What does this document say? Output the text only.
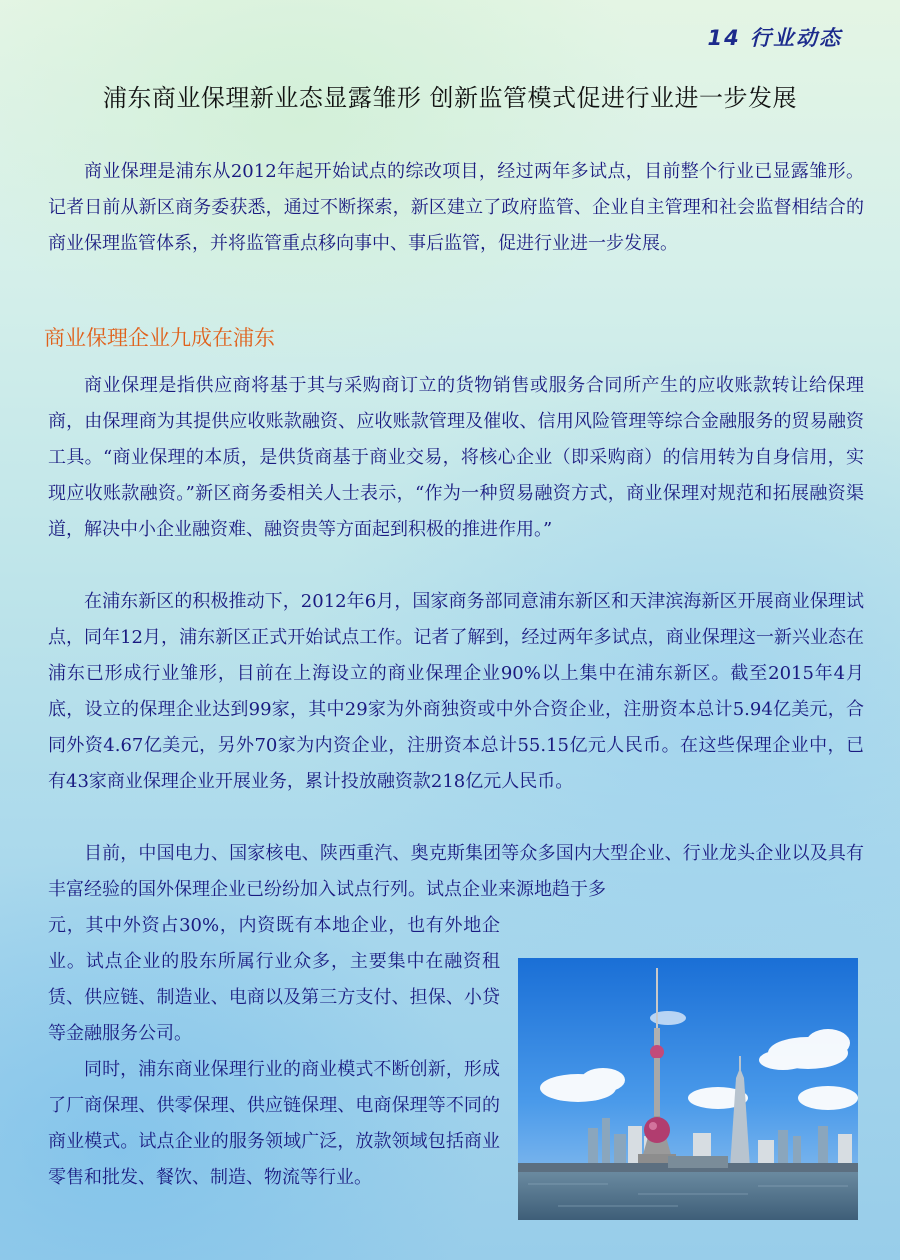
14 行业动态
浦东商业保理新业态显露雏形 创新监管模式促进行业进一步发展

商业保理是浦东从2012年起开始试点的综改项目，经过两年多试点，目前整个行业已显露雏形。记者日前从新区商务委获悉，通过不断探索，新区建立了政府监管、企业自主管理和社会监督相结合的商业保理监管体系，并将监管重点移向事中、事后监管，促进行业进一步发展。

商业保理企业九成在浦东

商业保理是指供应商将基于其与采购商订立的货物销售或服务合同所产生的应收账款转让给保理商，由保理商为其提供应收账款融资、应收账款管理及催收、信用风险管理等综合金融服务的贸易融资工具。“商业保理的本质，是供货商基于商业交易，将核心企业（即采购商）的信用转为自身信用，实现应收账款融资。”新区商务委相关人士表示，“作为一种贸易融资方式，商业保理对规范和拓展融资渠道，解决中小企业融资难、融资贵等方面起到积极的推进作用。”

在浦东新区的积极推动下，2012年6月，国家商务部同意浦东新区和天津滨海新区开展商业保理试点，同年12月，浦东新区正式开始试点工作。记者了解到，经过两年多试点，商业保理这一新兴业态在浦东已形成行业雏形，目前在上海设立的商业保理企业90%以上集中在浦东新区。截至2015年4月底，设立的保理企业达到99家，其中29家为外商独资或中外合资企业，注册资本总计5.94亿美元，合同外资4.67亿美元，另外70家为内资企业，注册资本总计55.15亿元人民币。在这些保理企业中，已有43家商业保理企业开展业务，累计投放融资款218亿元人民币。

目前，中国电力、国家核电、陕西重汽、奥克斯集团等众多国内大型企业、行业龙头企业以及具有丰富经验的国外保理企业已纷纷加入试点行列。试点企业来源地趋于多

元，其中外资占30%，内资既有本地企业，也有外地企业。试点企业的股东所属行业众多，主要集中在融资租赁、供应链、制造业、电商以及第三方支付、担保、小贷等金融服务公司。

同时，浦东商业保理行业的商业模式不断创新，形成了厂商保理、供零保理、供应链保理、电商保理等不同的商业模式。试点企业的服务领域广泛，放款领域包括商业零售和批发、餐饮、制造、物流等行业。
